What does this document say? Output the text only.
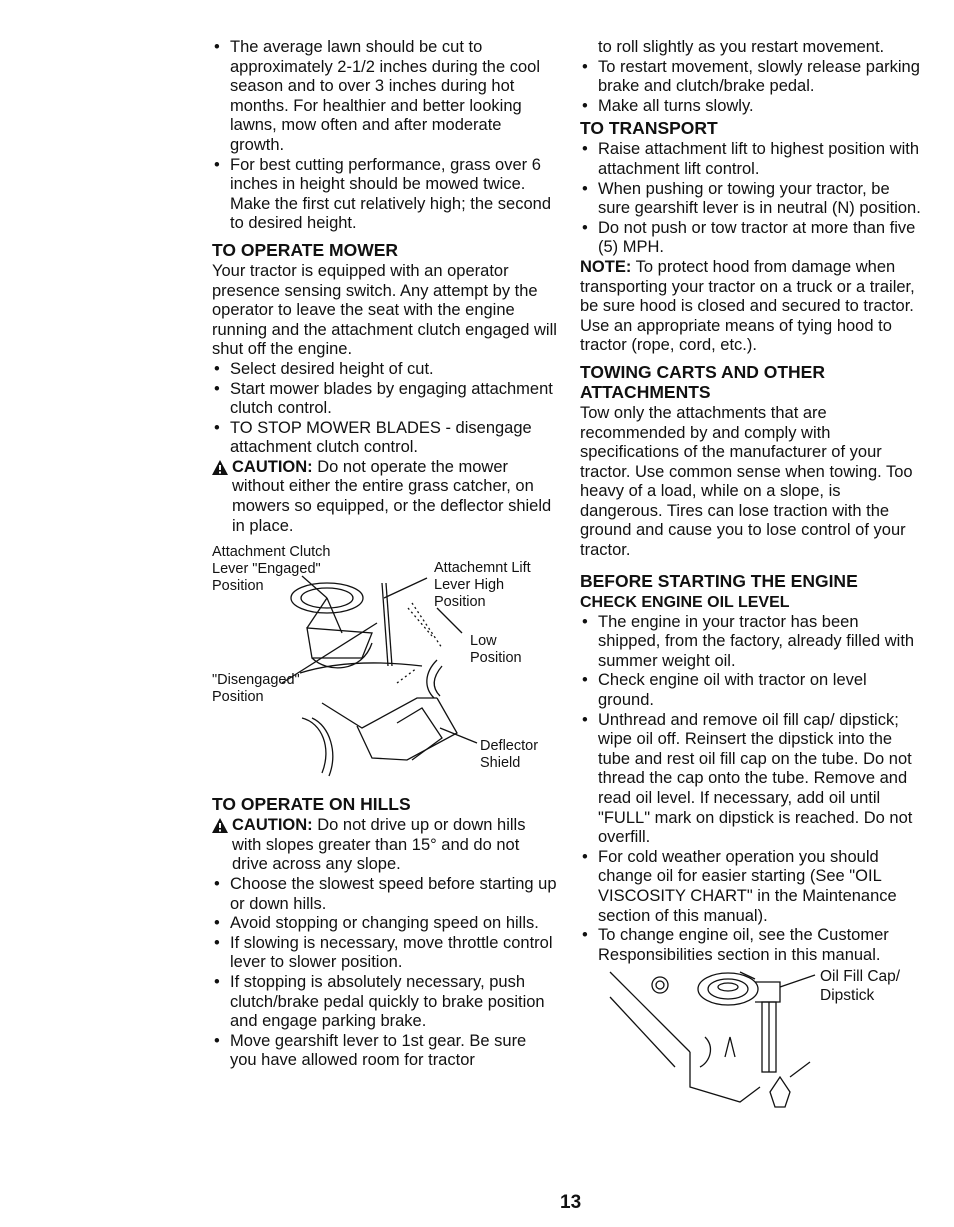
• The average lawn should be cut to approximately 2-1/2 inches during the cool season and to over 3 inches during hot months. For healthier and better looking lawns, mow often and after moderate growth.
• For best cutting performance, grass over 6 inches in height should be mowed twice. Make the first cut relatively high; the second to desired height.
TO OPERATE MOWER

Your tractor is equipped with an operator presence sensing switch. Any attempt by the operator to leave the seat with the engine running and the attachment clutch engaged will shut off the engine.

• Select desired height of cut.
• Start mower blades by engaging attachment clutch control.
• TO STOP MOWER BLADES - disengage attachment clutch control.

CAUTION: Do not operate the mower without either the entire grass catcher, on mowers so equipped, or the deflector shield in place.

Attachment Clutch Lever "Engaged" Position
Attachemnt Lift Lever High Position
Low Position
"Disengaged" Position
Deflector Shield
TO OPERATE ON HILLS

CAUTION: Do not drive up or down hills with slopes greater than 15° and do not drive across any slope.

• Choose the slowest speed before starting up or down hills.
• Avoid stopping or changing speed on hills.
• If slowing is necessary, move throttle control lever to slower position.
• If stopping is absolutely necessary, push clutch/brake pedal quickly to brake position and engage parking brake.
• Move gearshift lever to 1st gear. Be sure you have allowed room for tractor

to roll slightly as you restart movement.

• To restart movement, slowly release parking brake and clutch/brake pedal.
• Make all turns slowly.
TO TRANSPORT
• Raise attachment lift to highest position with attachment lift control.
• When pushing or towing your tractor, be sure gearshift lever is in neutral (N) position.
• Do not push or tow tractor at more than five (5) MPH.

NOTE: To protect hood from damage when transporting your tractor on a truck or a trailer, be sure hood is closed and secured to tractor. Use an appropriate means of tying hood to tractor (rope, cord, etc.).

TOWING CARTS AND OTHER ATTACHMENTS

Tow only the attachments that are recommended by and comply with specifications of the manufacturer of your tractor. Use common sense when towing. Too heavy of a load, while on a slope, is dangerous. Tires can lose traction with the ground and cause you to lose control of your tractor.

BEFORE STARTING THE ENGINE
CHECK ENGINE OIL LEVEL
• The engine in your tractor has been shipped, from the factory, already filled with summer weight oil.
• Check engine oil with tractor on level ground.
• Unthread and remove oil fill cap/ dipstick; wipe oil off. Reinsert the dipstick into the tube and rest oil fill cap on the tube. Do not thread the cap onto the tube. Remove and read oil level. If necessary, add oil until "FULL" mark on dipstick is reached. Do not overfill.
• For cold weather operation you should change oil for easier starting (See "OIL VISCOSITY CHART" in the Maintenance section of this manual).
• To change engine oil, see the Customer Responsibilities section in this manual.
Oil Fill Cap/ Dipstick
13
